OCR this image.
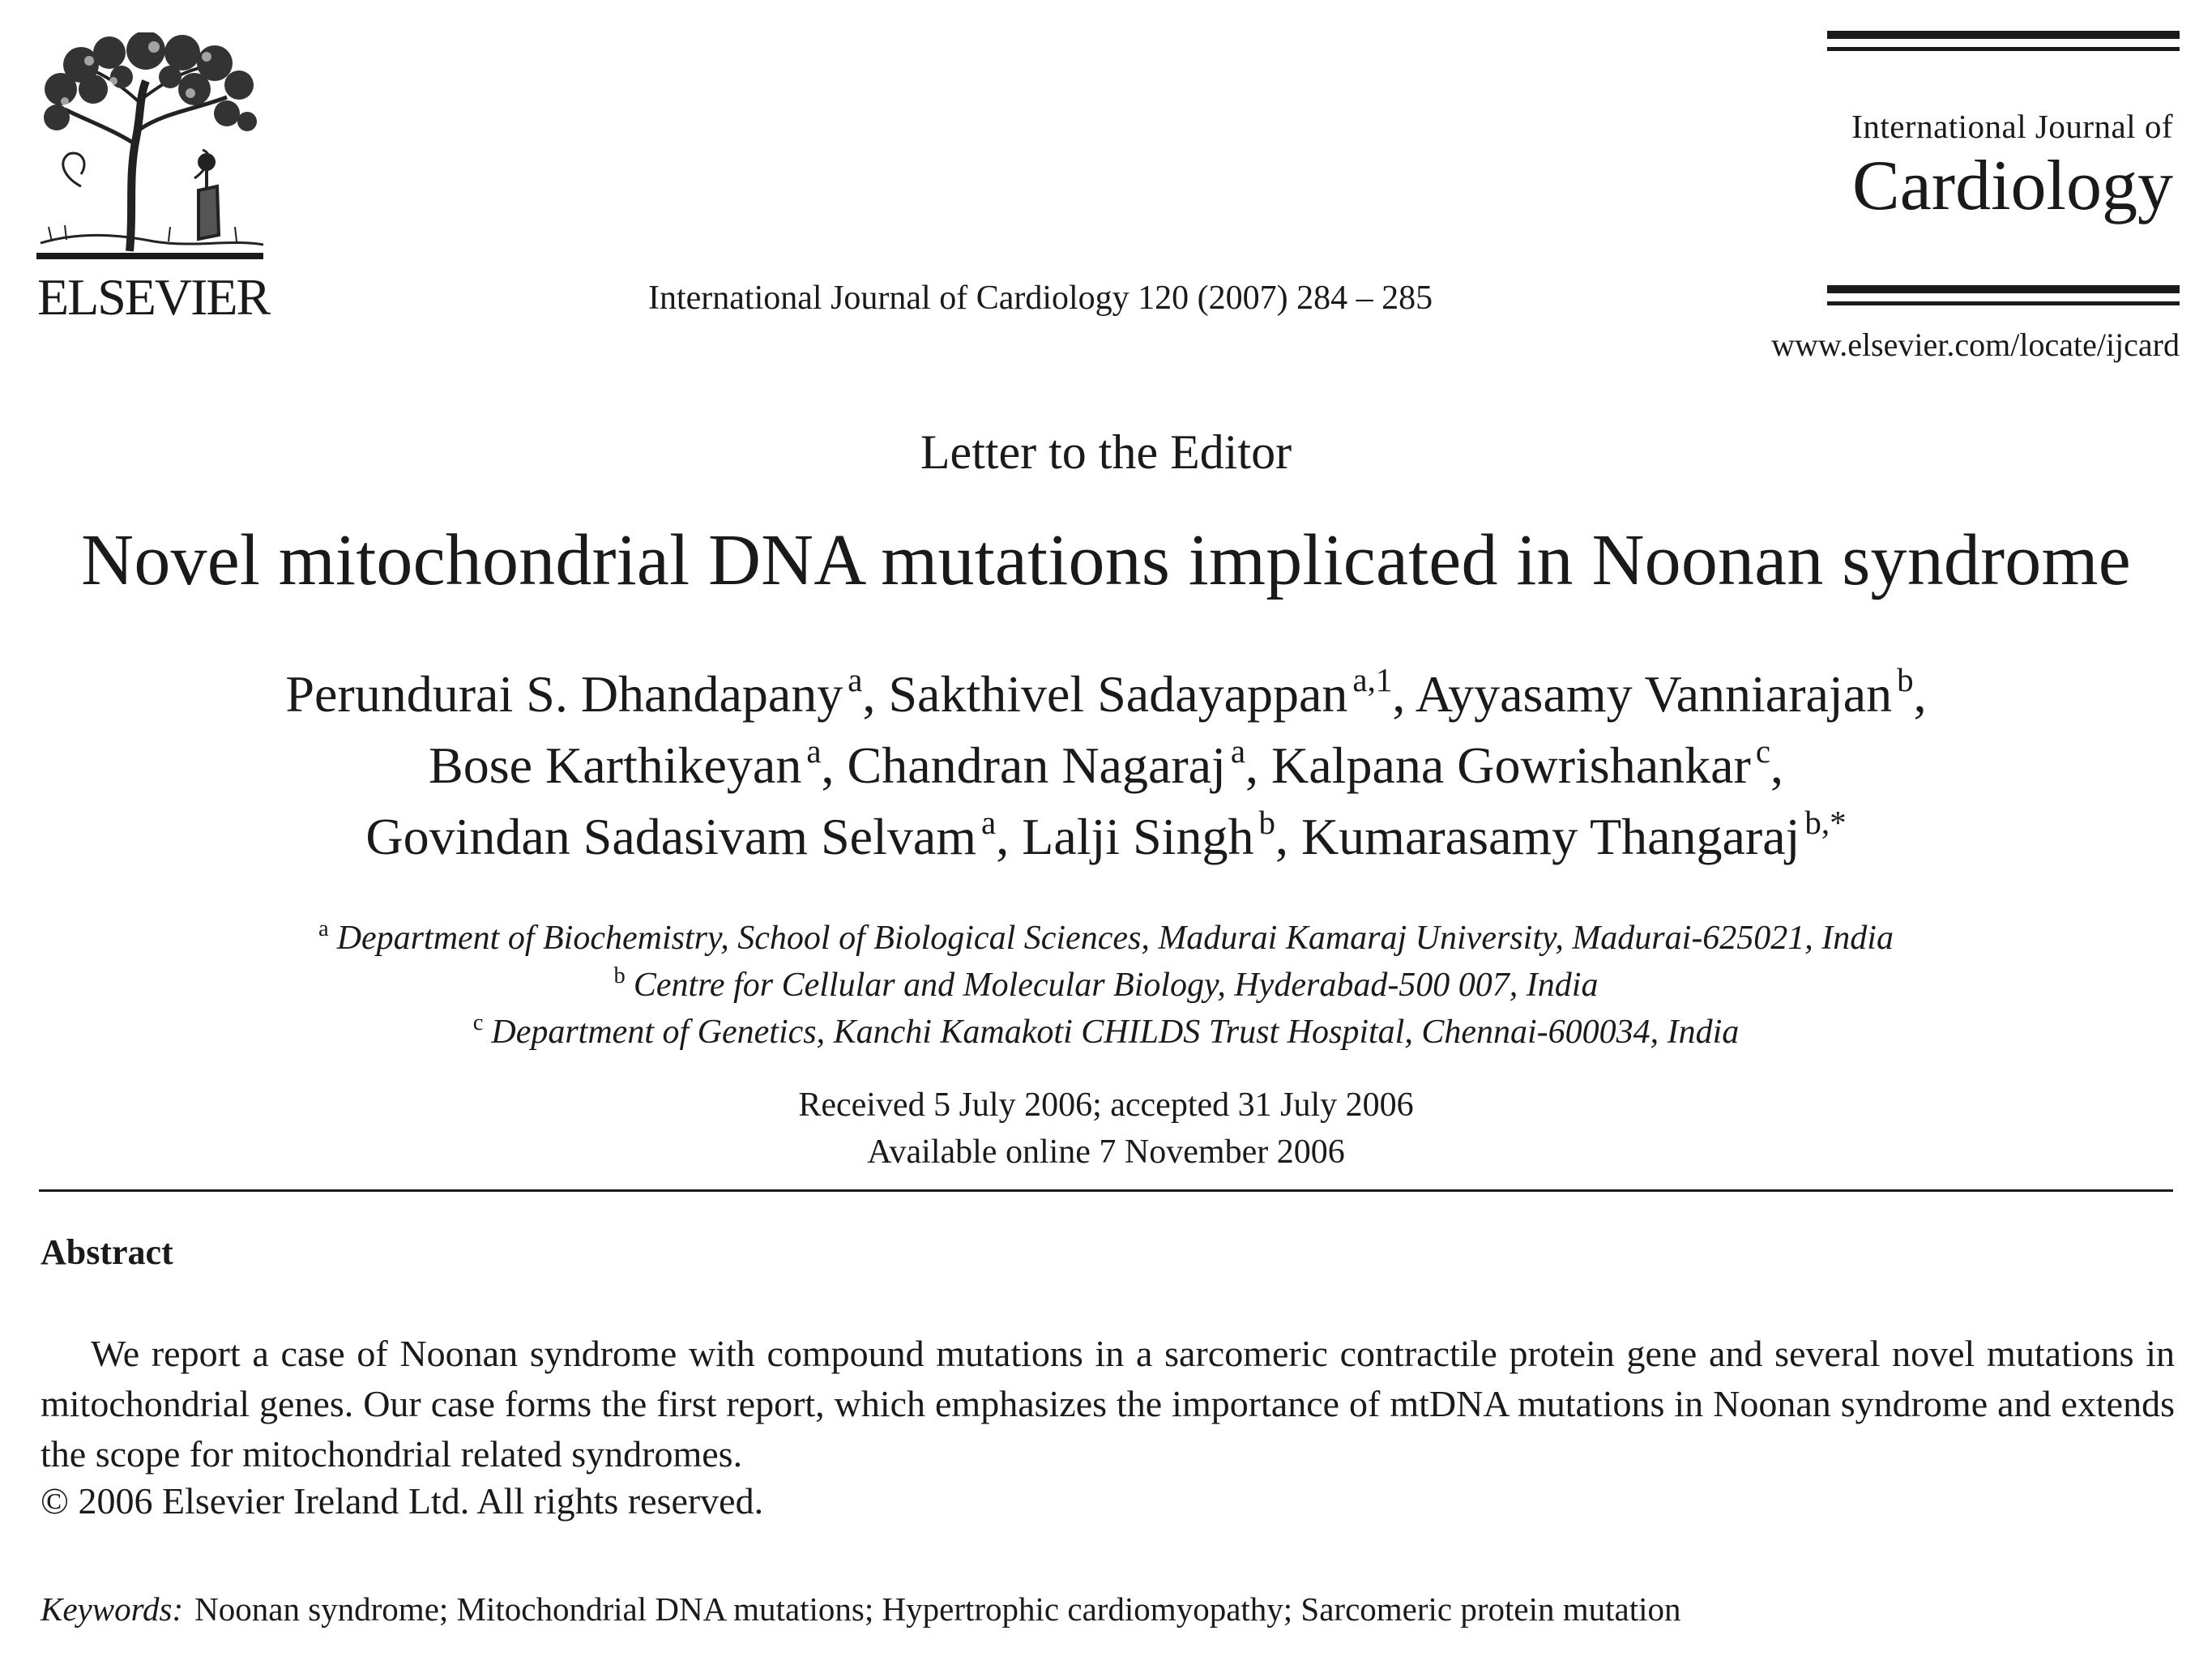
ELSEVIER	International Journal of Cardiology 120 (2007) 284 – 285
International Journal of
Cardiology
www.elsevier.com/locate/ijcard
Letter to the Editor
Novel mitochondrial DNA mutations implicated in Noonan syndrome
Perundurai S. Dhandapany $^a$, Sakthivel Sadayappan $^{a,1}$, Ayyasamy Vanniarajan $^b$,
Bose Karthikeyan $^a$, Chandran Nagaraj $^a$, Kalpana Gowrishankar $^c$,
Govindan Sadasivam Selvam $^a$, Lalji Singh $^b$, Kumarasamy Thangaraj $^{b,*}$
$^a$ Department of Biochemistry, School of Biological Sciences, Madurai Kamaraj University, Madurai-625021, India
$^b$ Centre for Cellular and Molecular Biology, Hyderabad-500 007, India
$^c$ Department of Genetics, Kanchi Kamakoti CHILDS Trust Hospital, Chennai-600034, India
Received 5 July 2006; accepted 31 July 2006
Available online 7 November 2006
Abstract
We report a case of Noonan syndrome with compound mutations in a sarcomeric contractile protein gene and several novel mutations in mitochondrial genes. Our case forms the first report, which emphasizes the importance of mtDNA mutations in Noonan syndrome and extends the scope for mitochondrial related syndromes.
© 2006 Elsevier Ireland Ltd. All rights reserved.
Keywords: Noonan syndrome; Mitochondrial DNA mutations; Hypertrophic cardiomyopathy; Sarcomeric protein mutation
